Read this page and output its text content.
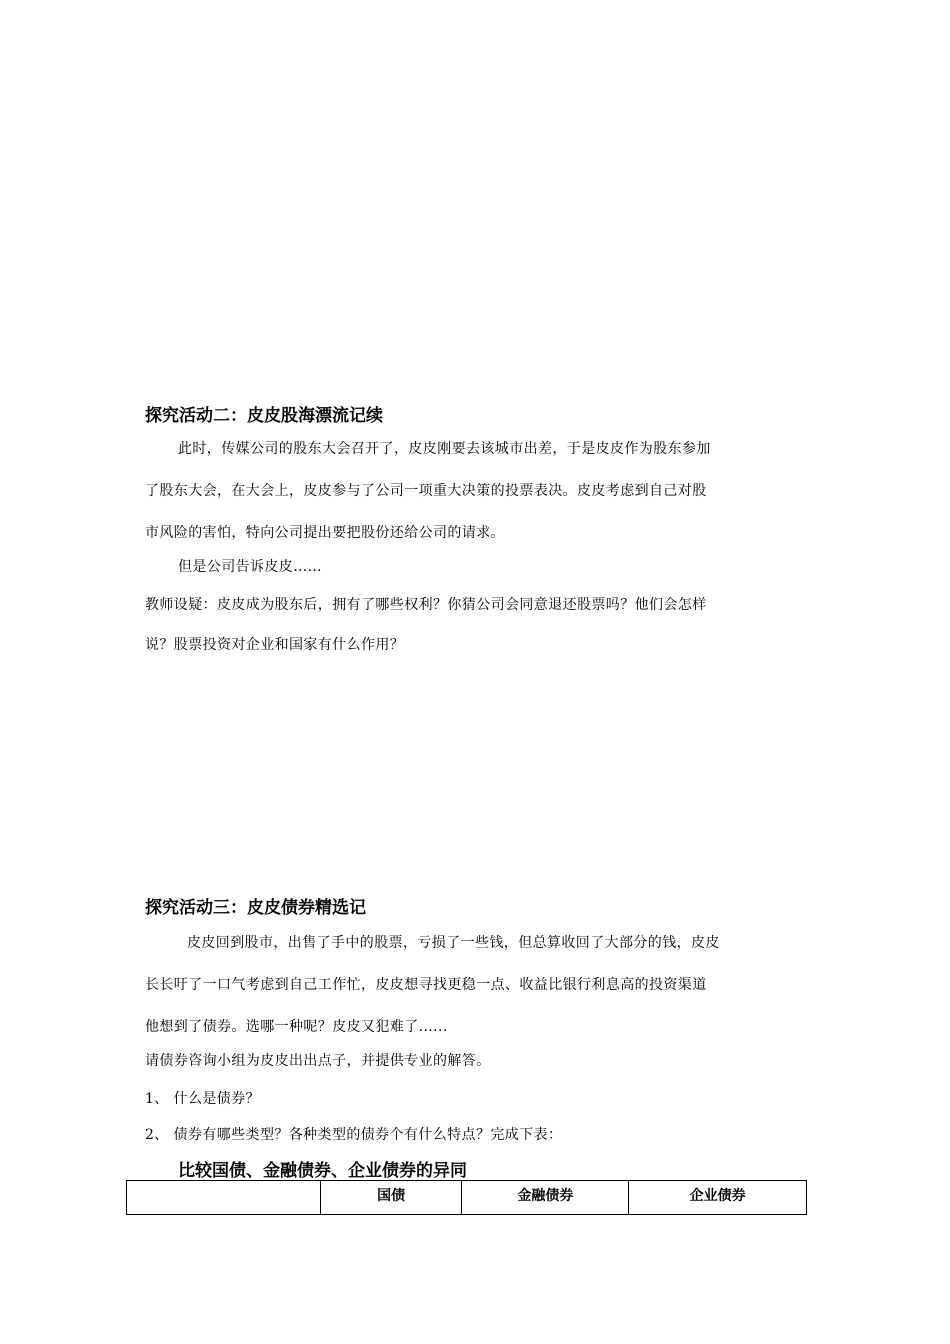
探究活动二：皮皮股海漂流记续
此时，传媒公司的股东大会召开了，皮皮刚要去该城市出差，于是皮皮作为股东参加
了股东大会，在大会上，皮皮参与了公司一项重大决策的投票表决。皮皮考虑到自己对股
市风险的害怕，特向公司提出要把股份还给公司的请求。
但是公司告诉皮皮……
教师设疑：皮皮成为股东后，拥有了哪些权利？你猜公司会同意退还股票吗？他们会怎样
说？股票投资对企业和国家有什么作用？
探究活动三：皮皮债券精选记
皮皮回到股市，出售了手中的股票，亏损了一些钱，但总算收回了大部分的钱，皮皮
长长吁了一口气考虑到自己工作忙，皮皮想寻找更稳一点、收益比银行利息高的投资渠道
他想到了债券。选哪一种呢？皮皮又犯难了......
请债券咨询小组为皮皮出出点子，并提供专业的解答。
1、 什么是债券？
2、 债券有哪些类型？各种类型的债券个有什么特点？完成下表：
比较国债、金融债券、企业债券的异同
	国债	金融债券	企业债券
